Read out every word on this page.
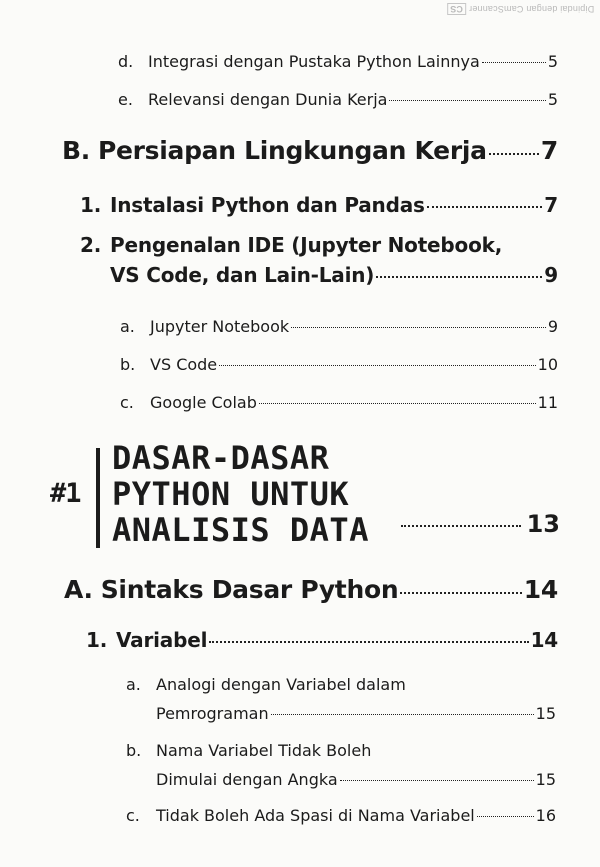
Dipindai dengan CamScannerCS
d. Integrasi dengan Pustaka Python Lainnya	5
e. Relevansi dengan Dunia Kerja	5
B. Persiapan Lingkungan Kerja 7
1. Instalasi Python dan Pandas	7
2. Pengenalan IDE (Jupyter Notebook,
VS Code, dan Lain-Lain)	9
a. Jupyter Notebook	9
b. VS Code	10
c.	Google Colab	11
#1
DASAR-DASAR
PYTHON UNTUK
ANALISIS DATA	13
A. Sintaks Dasar Python	14
1. Variabel	14
a. Analogi dengan Variabel dalam
Pemrograman	15
b. Nama Variabel Tidak Boleh
Dimulai dengan Angka	15
c.	Tidak Boleh Ada Spasi di Nama Variabel	16
